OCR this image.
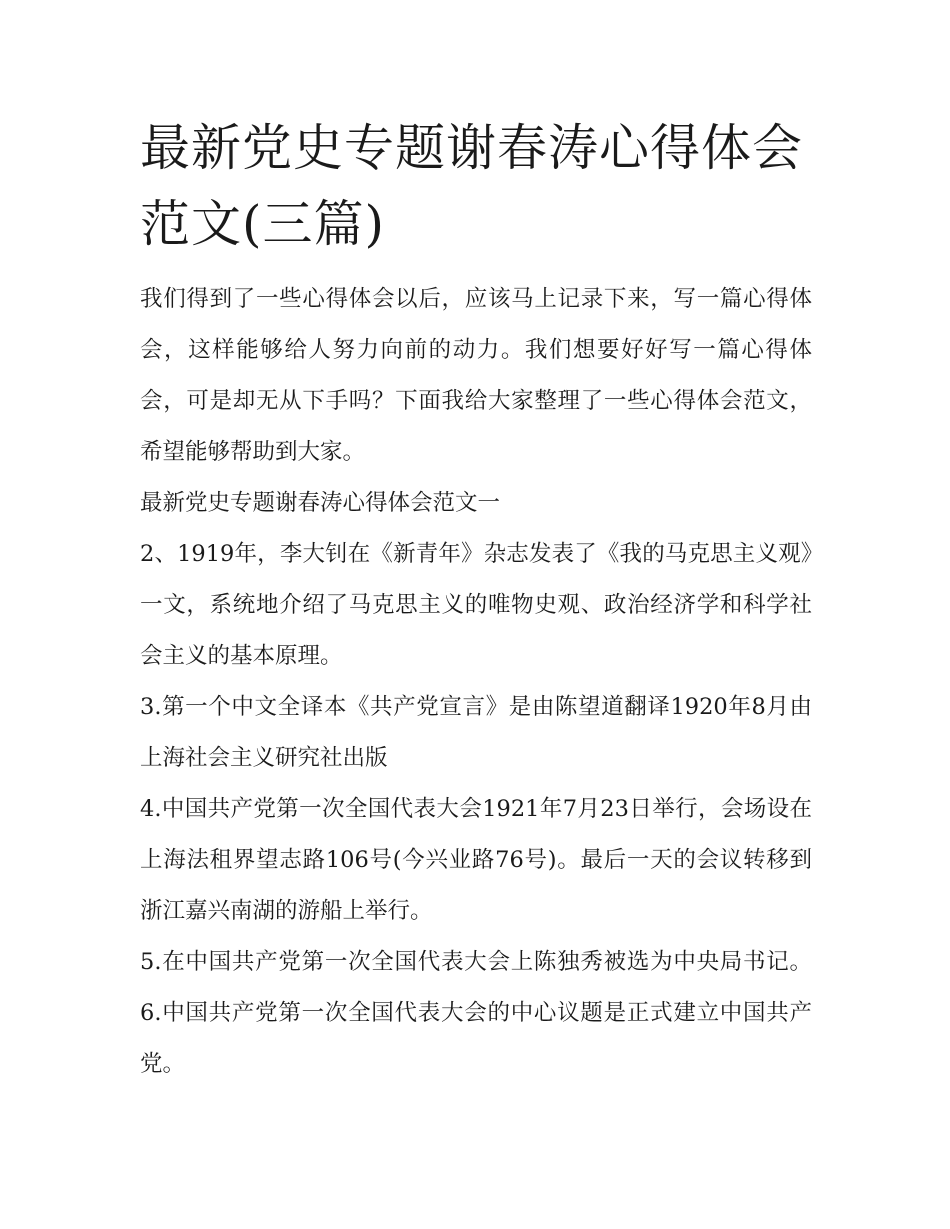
最新党史专题谢春涛心得体会范文(三篇)

我们得到了一些心得体会以后，应该马上记录下来，写一篇心得体会，这样能够给人努力向前的动力。我们想要好好写一篇心得体会，可是却无从下手吗？下面我给大家整理了一些心得体会范文，希望能够帮助到大家。

最新党史专题谢春涛心得体会范文一

2、1919年，李大钊在《新青年》杂志发表了《我的马克思主义观》一文，系统地介绍了马克思主义的唯物史观、政治经济学和科学社会主义的基本原理。

3.第一个中文全译本《共产党宣言》是由陈望道翻译1920年8月由上海社会主义研究社出版

4.中国共产党第一次全国代表大会1921年7月23日举行，会场设在上海法租界望志路106号(今兴业路76号)。最后一天的会议转移到浙江嘉兴南湖的游船上举行。

5.在中国共产党第一次全国代表大会上陈独秀被选为中央局书记。 6.中国共产党第一次全国代表大会的中心议题是正式建立中国共产党。
